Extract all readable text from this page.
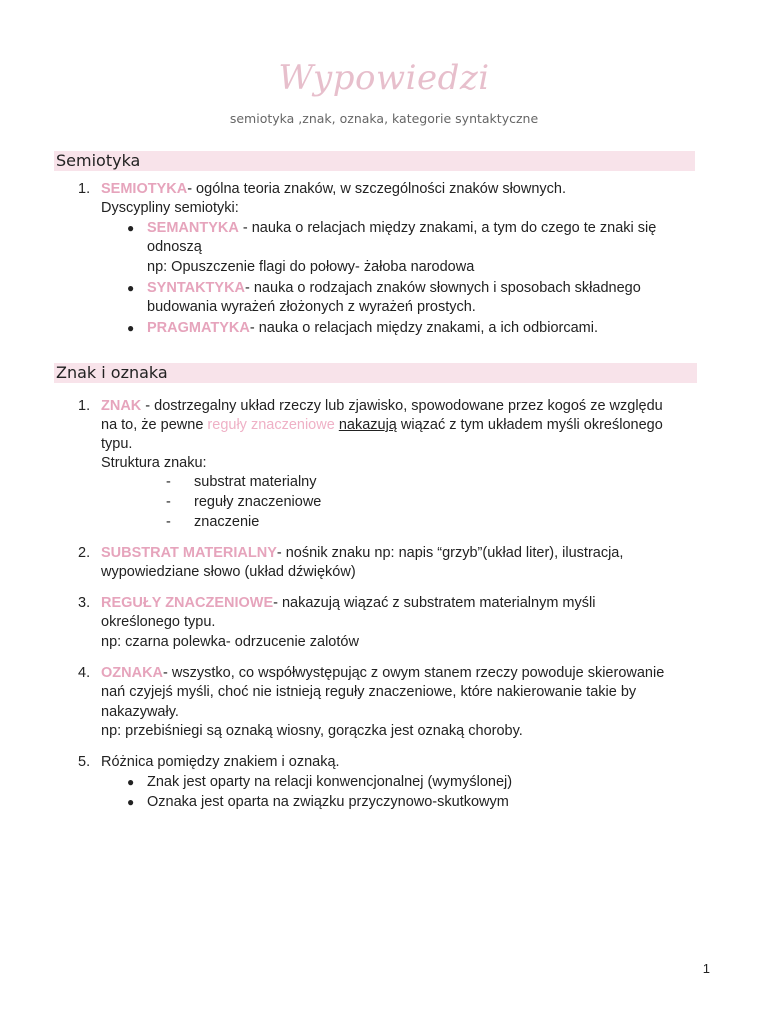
Wypowiedzi
semiotyka ,znak, oznaka, kategorie syntaktyczne
Semiotyka
1. SEMIOTYKA- ogólna teoria znaków, w szczególności znaków słownych.
Dyscypliny semiotyki:
● SEMANTYKA - nauka o relacjach między znakami, a tym do czego te znaki się
odnoszą
np: Opuszczenie flagi do połowy- żałoba narodowa
● SYNTAKTYKA- nauka o rodzajach znaków słownych i sposobach składnego
budowania wyrażeń złożonych z wyrażeń prostych.
● PRAGMATYKA- nauka o relacjach między znakami, a ich odbiorcami.
Znak i oznaka
1. ZNAK - dostrzegalny układ rzeczy lub zjawisko, spowodowane przez kogoś ze względu
na to, że pewne reguły znaczeniowe nakazują wiązać z tym układem myśli określonego
typu.
Struktura znaku:
- substrat materialny
- reguły znaczeniowe
- znaczenie
2. SUBSTRAT MATERIALNY- nośnik znaku np: napis “grzyb”(układ liter), ilustracja,
wypowiedziane słowo (układ dźwięków)
3. REGUŁY ZNACZENIOWE- nakazują wiązać z substratem materialnym myśli
określonego typu.
np: czarna polewka- odrzucenie zalotów
4. OZNAKA- wszystko, co współwystępując z owym stanem rzeczy powoduje skierowanie
nań czyjejś myśli, choć nie istnieją reguły znaczeniowe, które nakierowanie takie by
nakazywały.
np: przebiśniegi są oznaką wiosny, gorączka jest oznaką choroby.
5. Różnica pomiędzy znakiem i oznaką.
● Znak jest oparty na relacji konwencjonalnej (wymyślonej)
● Oznaka jest oparta na związku przyczynowo-skutkowym
1
